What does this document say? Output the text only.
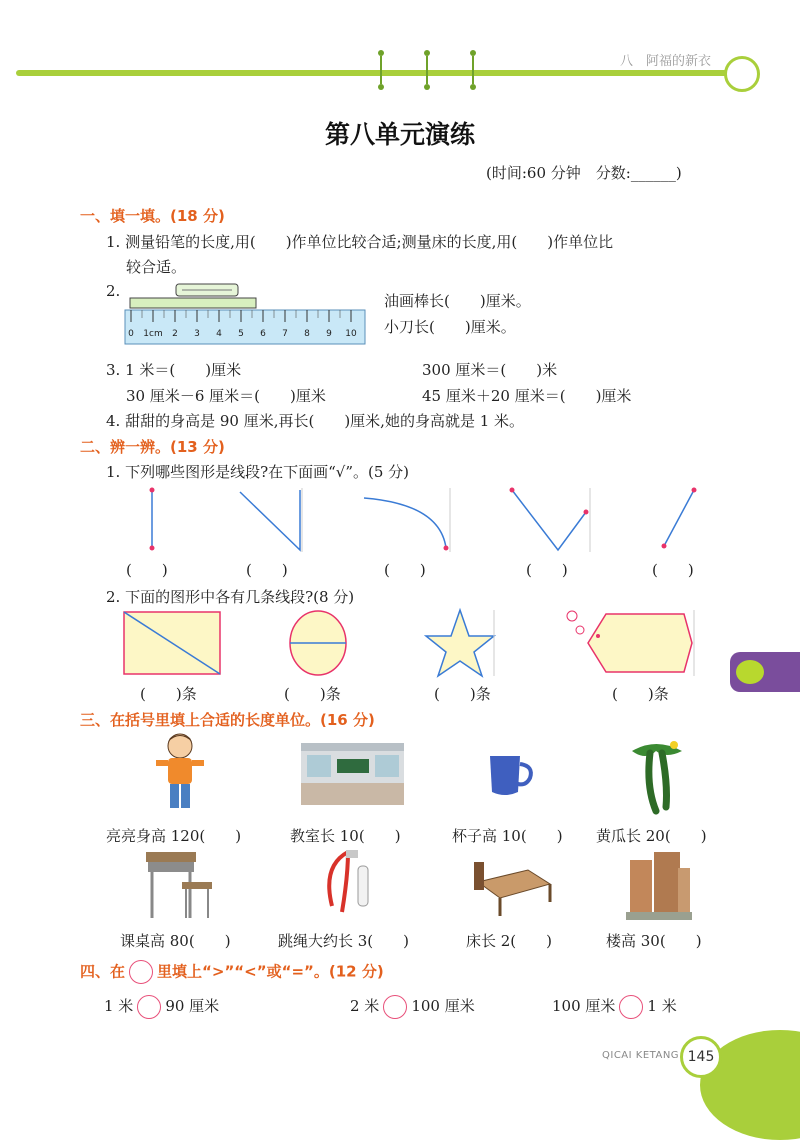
八　阿福的新衣
第八单元演练
(时间:60 分钟　分数:______)
一、填一填。(18 分)
1. 测量铅笔的长度,用(　　)作单位比较合适;测量床的长度,用(　　)作单位比
较合适。
2.
0 1cm 2 3 4 5 6 7 8 9 10
油画棒长(　　)厘米。
小刀长(　　)厘米。
3. 1 米＝(　　)厘米	300 厘米＝(　　)米
30 厘米－6 厘米＝(　　)厘米	45 厘米＋20 厘米＝(　　)厘米
4. 甜甜的身高是 90 厘米,再长(　　)厘米,她的身高就是 1 米。
二、辨一辨。(13 分)
1. 下列哪些图形是线段?在下面画“√”。(5 分)
(　　)	(　　)	(　　)	(　　)	(　　)
2. 下面的图形中各有几条线段?(8 分)
(　　)条	(　　)条	(　　)条	(　　)条
三、在括号里填上合适的长度单位。(16 分)
亮亮身高 120(　　)	教室长 10(　　)	杯子高 10(　　) 黄瓜长 20(　　)
课桌高 80(　　)	跳绳大约长 3(　　)	床长 2(　　)	楼高 30(　　)
四、在 里填上“>”“<”或“=”。(12 分)
1 米 90 厘米	2 米 100 厘米	100 厘米 1 米
QICAI KETANG 145
